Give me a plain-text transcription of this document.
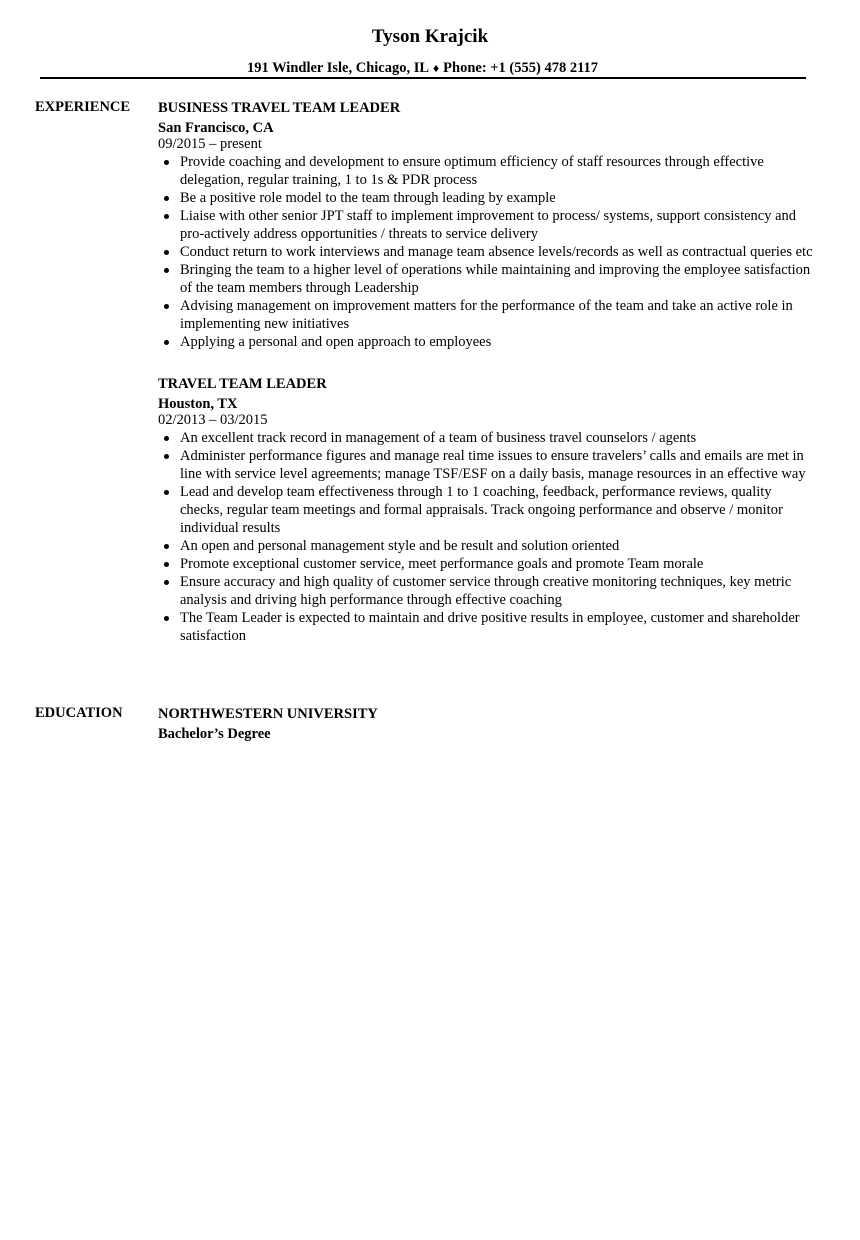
Tyson Krajcik
191 Windler Isle, Chicago, IL ♦ Phone: +1 (555) 478 2117
EXPERIENCE BUSINESS TRAVEL TEAM LEADER
San Francisco, CA
09/2015 – present
Provide coaching and development to ensure optimum efficiency of staff resources through effective delegation, regular training, 1 to 1s & PDR process
Be a positive role model to the team through leading by example
Liaise with other senior JPT staff to implement improvement to process/ systems, support consistency and pro-actively address opportunities / threats to service delivery
Conduct return to work interviews and manage team absence levels/records as well as contractual queries etc
Bringing the team to a higher level of operations while maintaining and improving the employee satisfaction of the team members through Leadership
Advising management on improvement matters for the performance of the team and take an active role in implementing new initiatives
Applying a personal and open approach to employees
TRAVEL TEAM LEADER
Houston, TX
02/2013 – 03/2015
An excellent track record in management of a team of business travel counselors / agents
Administer performance figures and manage real time issues to ensure travelers’ calls and emails are met in line with service level agreements; manage TSF/ESF on a daily basis, manage resources in an effective way
Lead and develop team effectiveness through 1 to 1 coaching, feedback, performance reviews, quality checks, regular team meetings and formal appraisals. Track ongoing performance and observe / monitor individual results
An open and personal management style and be result and solution oriented
Promote exceptional customer service, meet performance goals and promote Team morale
Ensure accuracy and high quality of customer service through creative monitoring techniques, key metric analysis and driving high performance through effective coaching
The Team Leader is expected to maintain and drive positive results in employee, customer and shareholder satisfaction
EDUCATION NORTHWESTERN UNIVERSITY
Bachelor’s Degree
